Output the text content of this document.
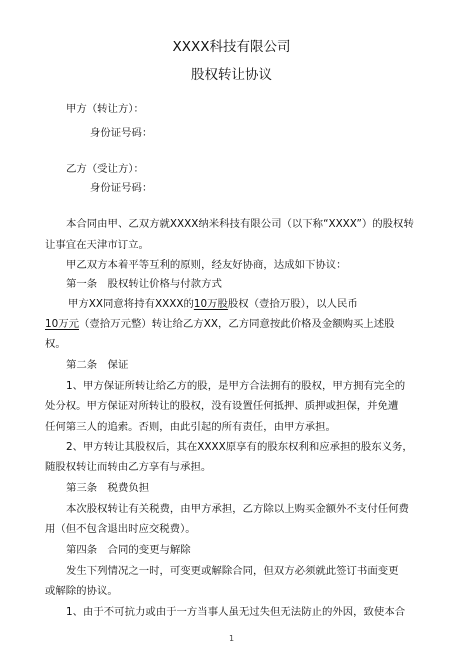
XXXX科技有限公司
股权转让协议
甲方（转让方）：
身份证号码：
乙方（受让方）：
身份证号码：
本合同由甲、乙双方就XXXX纳米科技有限公司（以下称“XXXX”）的股权转
让事宜在天津市订立。
甲乙双方本着平等互利的原则，经友好协商，达成如下协议：
第一条　股权转让价格与付款方式
甲方XX同意将持有XXXX的10万股股权（壹拾万股），以人民币
10万元（壹拾万元整）转让给乙方XX，乙方同意按此价格及金额购买上述股
权。
第二条　保证
1、甲方保证所转让给乙方的股，是甲方合法拥有的股权，甲方拥有完全的
处分权。甲方保证对所转让的股权，没有设置任何抵押、质押或担保，并免遭
任何第三人的追索。否则，由此引起的所有责任，由甲方承担。
2、甲方转让其股权后，其在XXXX原享有的股东权利和应承担的股东义务，
随股权转让而转由乙方享有与承担。
第三条　税费负担
本次股权转让有关税费，由甲方承担，乙方除以上购买金额外不支付任何费
用（但不包含退出时应交税费）。
第四条　合同的变更与解除
发生下列情况之一时，可变更或解除合同，但双方必须就此签订书面变更
或解除的协议。
1、由于不可抗力或由于一方当事人虽无过失但无法防止的外因，致使本合
1
